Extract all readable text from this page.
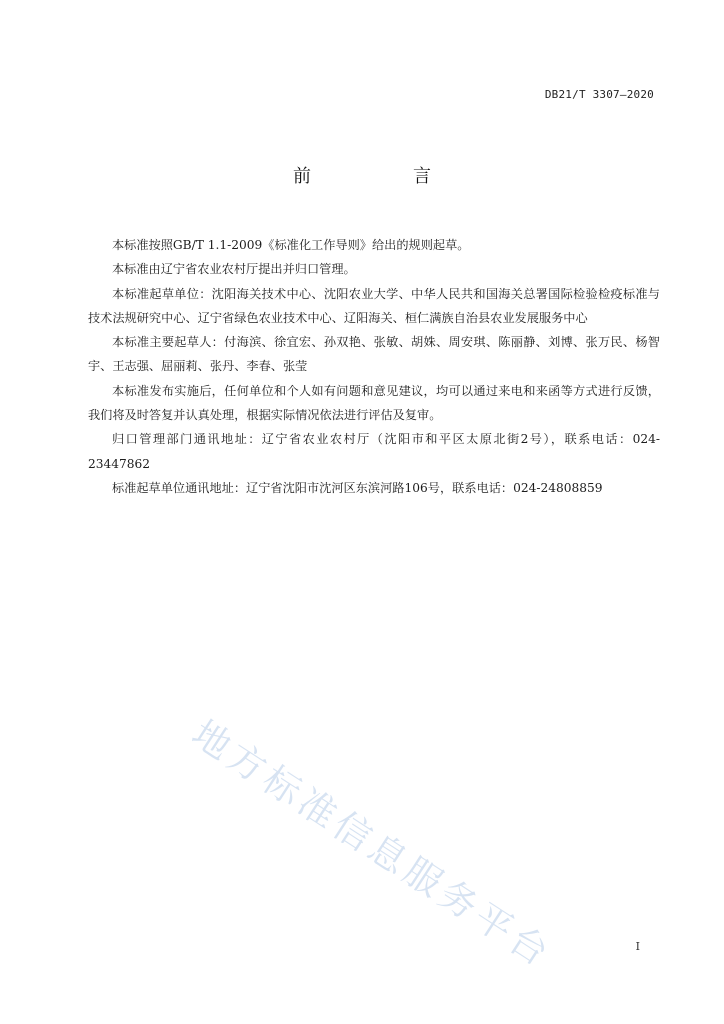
DB21/T 3307—2020
前　言

本标准按照GB/T 1.1-2009《标准化工作导则》给出的规则起草。

本标准由辽宁省农业农村厅提出并归口管理。

本标准起草单位：沈阳海关技术中心、沈阳农业大学、中华人民共和国海关总署国际检验检疫标准与技术法规研究中心、辽宁省绿色农业技术中心、辽阳海关、桓仁满族自治县农业发展服务中心

本标准主要起草人：付海滨、徐宜宏、孙双艳、张敏、胡姝、周安琪、陈丽静、刘博、张万民、杨智宇、王志强、屈丽莉、张丹、李春、张莹

本标准发布实施后，任何单位和个人如有问题和意见建议，均可以通过来电和来函等方式进行反馈，我们将及时答复并认真处理，根据实际情况依法进行评估及复审。

归口管理部门通讯地址：辽宁省农业农村厅（沈阳市和平区太原北街2号），联系电话：024-23447862

标准起草单位通讯地址：辽宁省沈阳市沈河区东滨河路106号，联系电话：024-24808859

地方标准信息服务平台	I
